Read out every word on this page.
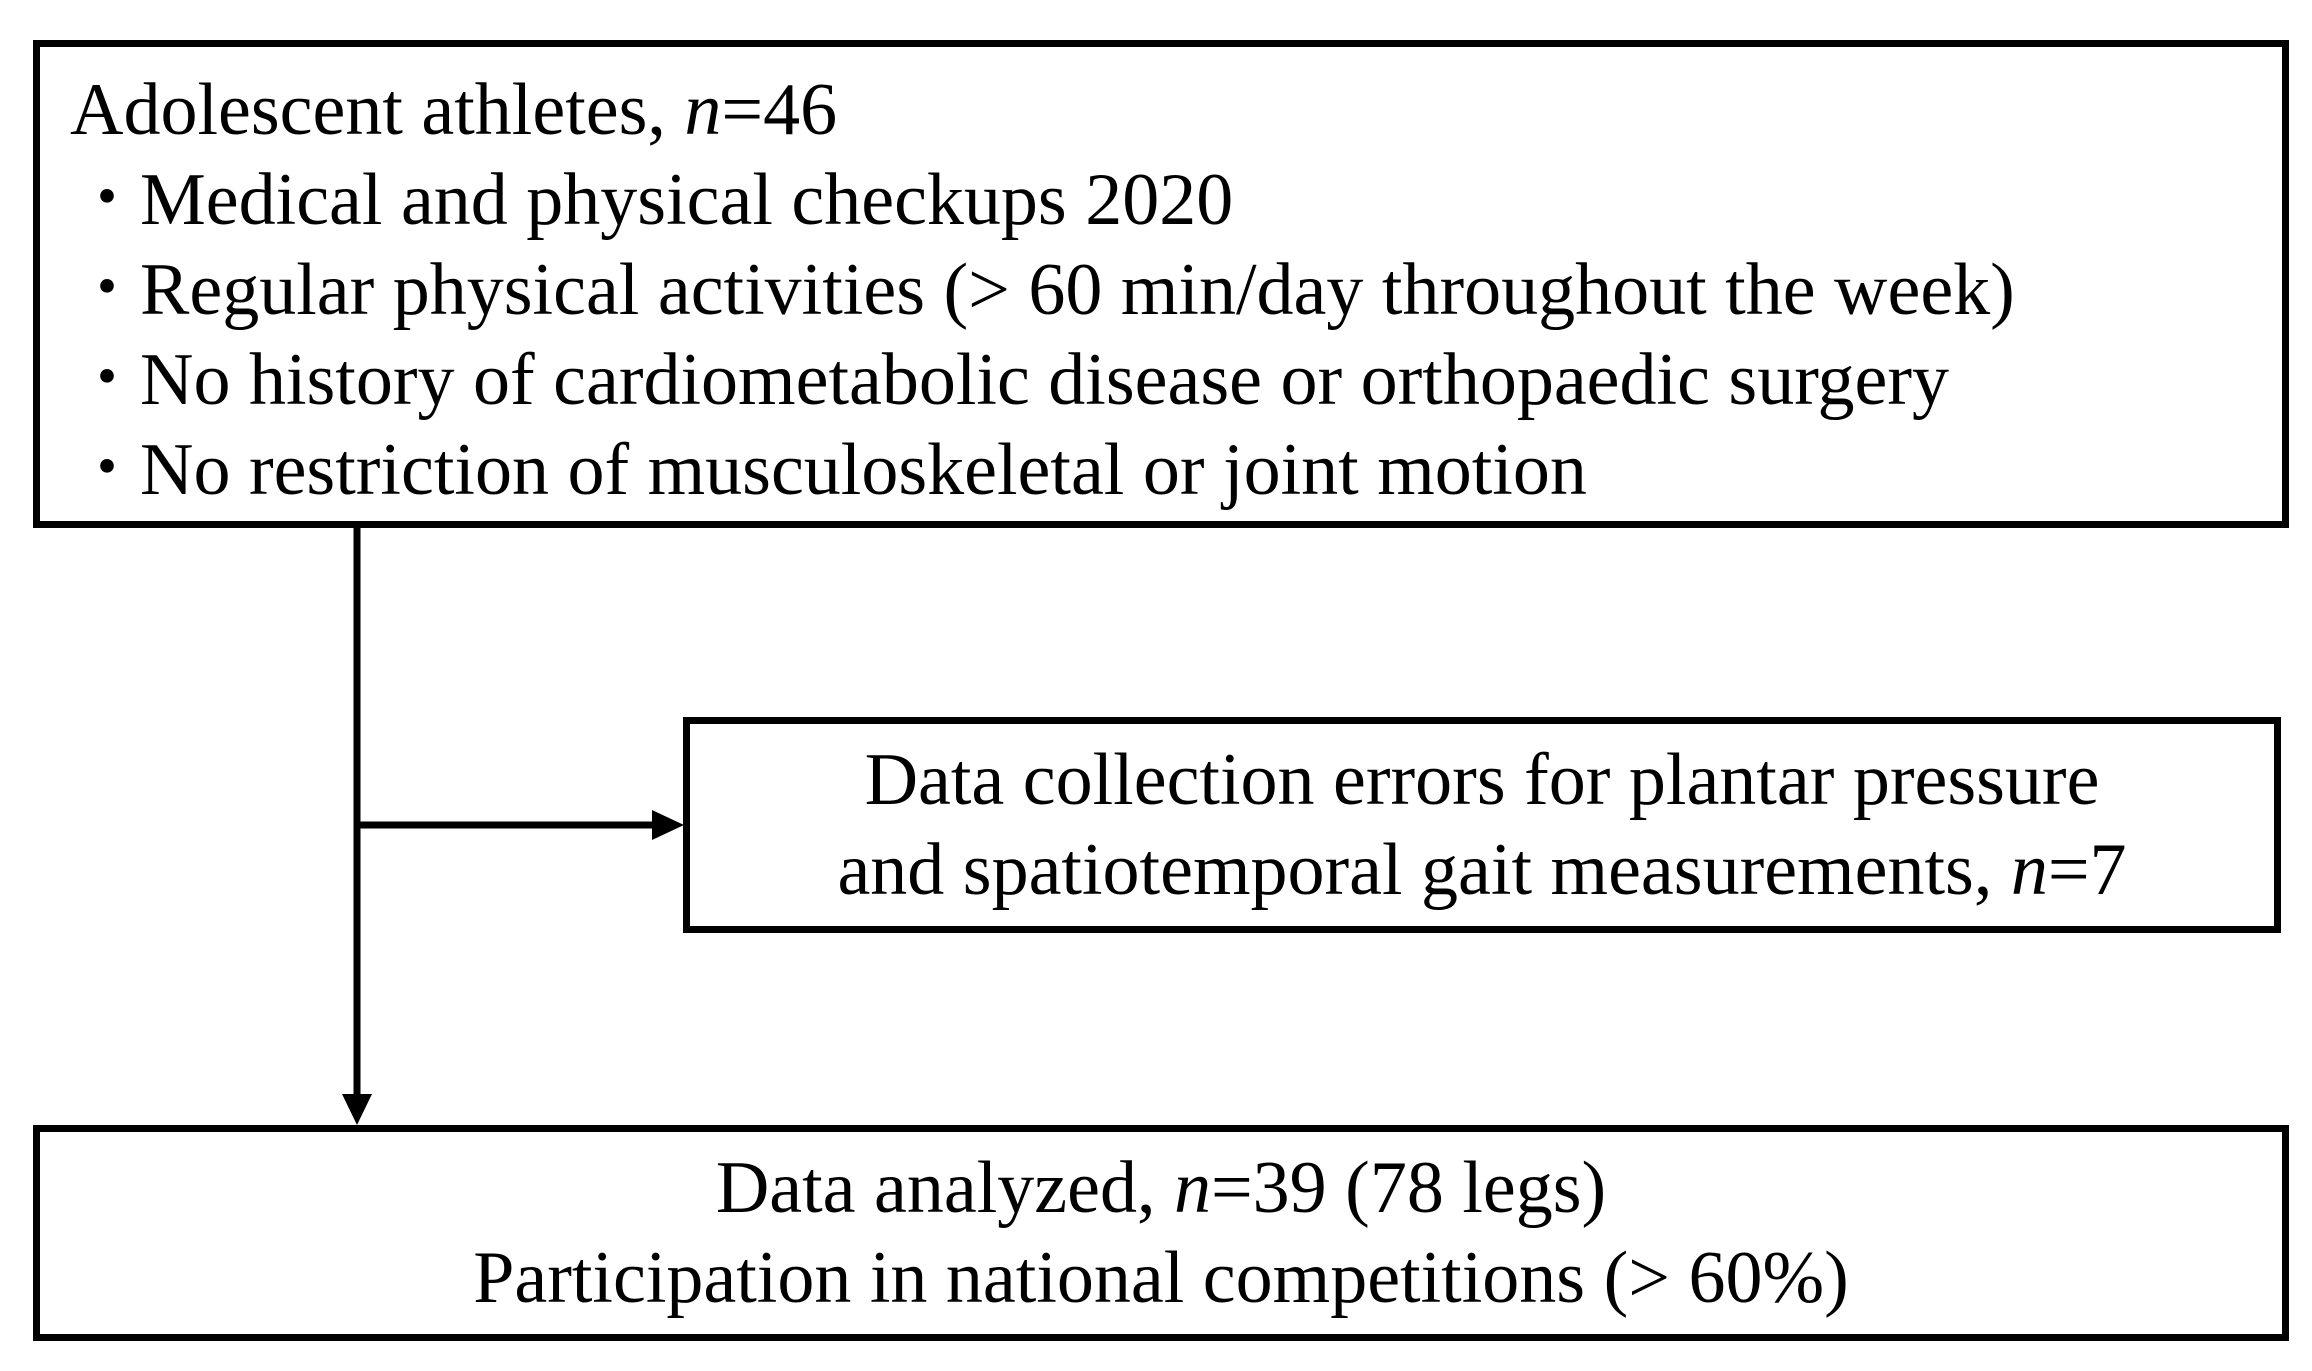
Adolescent athletes, n=46
・
Medical and physical checkups 2020
・
Regular physical activities (> 60 min/day throughout the week)
・
No history of cardiometabolic disease or orthopaedic surgery
・
No restriction of musculoskeletal or joint motion
Data collection errors for plantar pressure
and spatiotemporal gait measurements, n=7
Data analyzed, n=39 (78 legs)
Participation in national competitions (> 60%)
